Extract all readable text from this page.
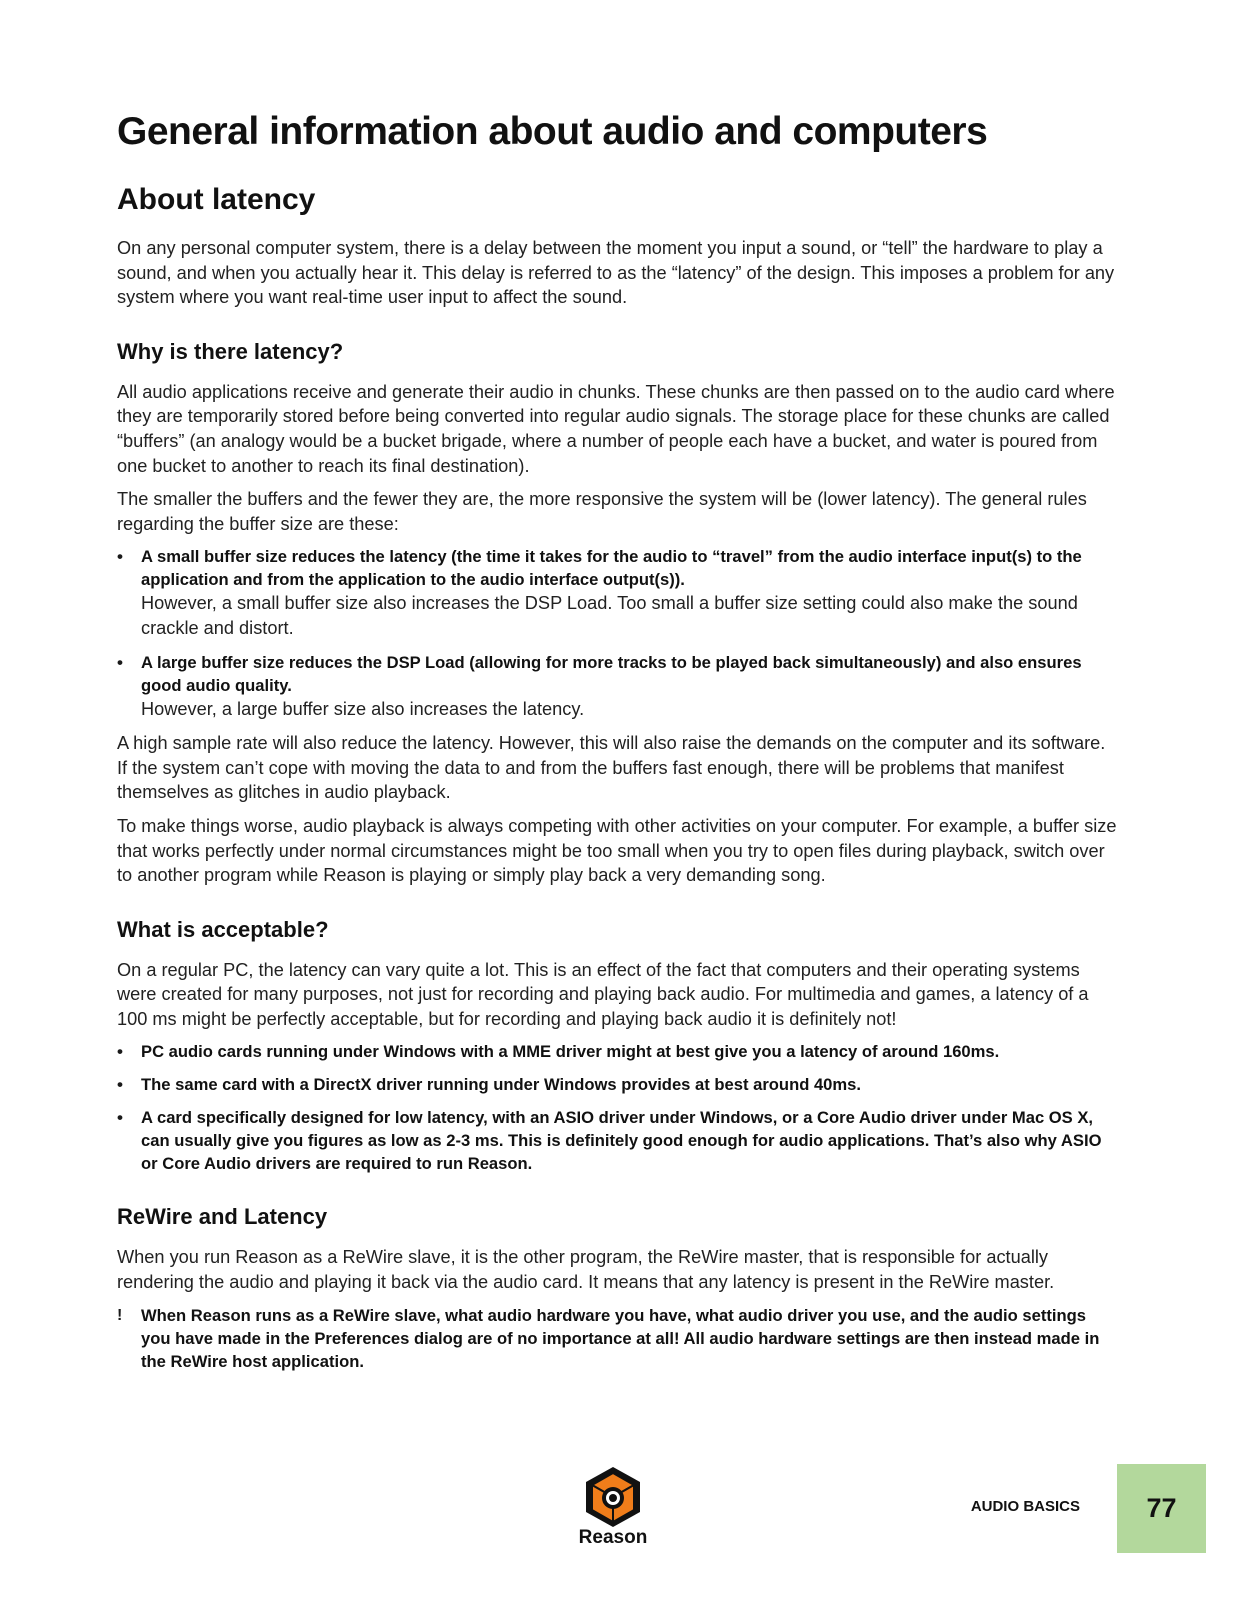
General information about audio and computers
About latency

On any personal computer system, there is a delay between the moment you input a sound, or “tell” the hardware to play a sound, and when you actually hear it. This delay is referred to as the “latency” of the design. This imposes a problem for any system where you want real-time user input to affect the sound.

Why is there latency?

All audio applications receive and generate their audio in chunks. These chunks are then passed on to the audio card where they are temporarily stored before being converted into regular audio signals. The storage place for these chunks are called “buffers” (an analogy would be a bucket brigade, where a number of people each have a bucket, and water is poured from one bucket to another to reach its final destination).

The smaller the buffers and the fewer they are, the more responsive the system will be (lower latency). The general rules regarding the buffer size are these:

• A small buffer size reduces the latency (the time it takes for the audio to “travel” from the audio interface input(s) to the application and from the application to the audio interface output(s)).
However, a small buffer size also increases the DSP Load. Too small a buffer size setting could also make the sound crackle and distort.
• A large buffer size reduces the DSP Load (allowing for more tracks to be played back simultaneously) and also ensures good audio quality.
However, a large buffer size also increases the latency.

A high sample rate will also reduce the latency. However, this will also raise the demands on the computer and its software. If the system can’t cope with moving the data to and from the buffers fast enough, there will be problems that manifest themselves as glitches in audio playback.

To make things worse, audio playback is always competing with other activities on your computer. For example, a buffer size that works perfectly under normal circumstances might be too small when you try to open files during playback, switch over to another program while Reason is playing or simply play back a very demanding song.

What is acceptable?

On a regular PC, the latency can vary quite a lot. This is an effect of the fact that computers and their operating systems were created for many purposes, not just for recording and playing back audio. For multimedia and games, a latency of a 100 ms might be perfectly acceptable, but for recording and playing back audio it is definitely not!

• PC audio cards running under Windows with a MME driver might at best give you a latency of around 160ms.
• The same card with a DirectX driver running under Windows provides at best around 40ms.
• A card specifically designed for low latency, with an ASIO driver under Windows, or a Core Audio driver under Mac OS X, can usually give you figures as low as 2-3 ms. This is definitely good enough for audio applications. That’s also why ASIO or Core Audio drivers are required to run Reason.
ReWire and Latency

When you run Reason as a ReWire slave, it is the other program, the ReWire master, that is responsible for actually rendering the audio and playing it back via the audio card. It means that any latency is present in the ReWire master.

! When Reason runs as a ReWire slave, what audio hardware you have, what audio driver you use, and the audio settings you have made in the Preferences dialog are of no importance at all! All audio hardware settings are then instead made in the ReWire host application.
Reason
AUDIO BASICS 77
